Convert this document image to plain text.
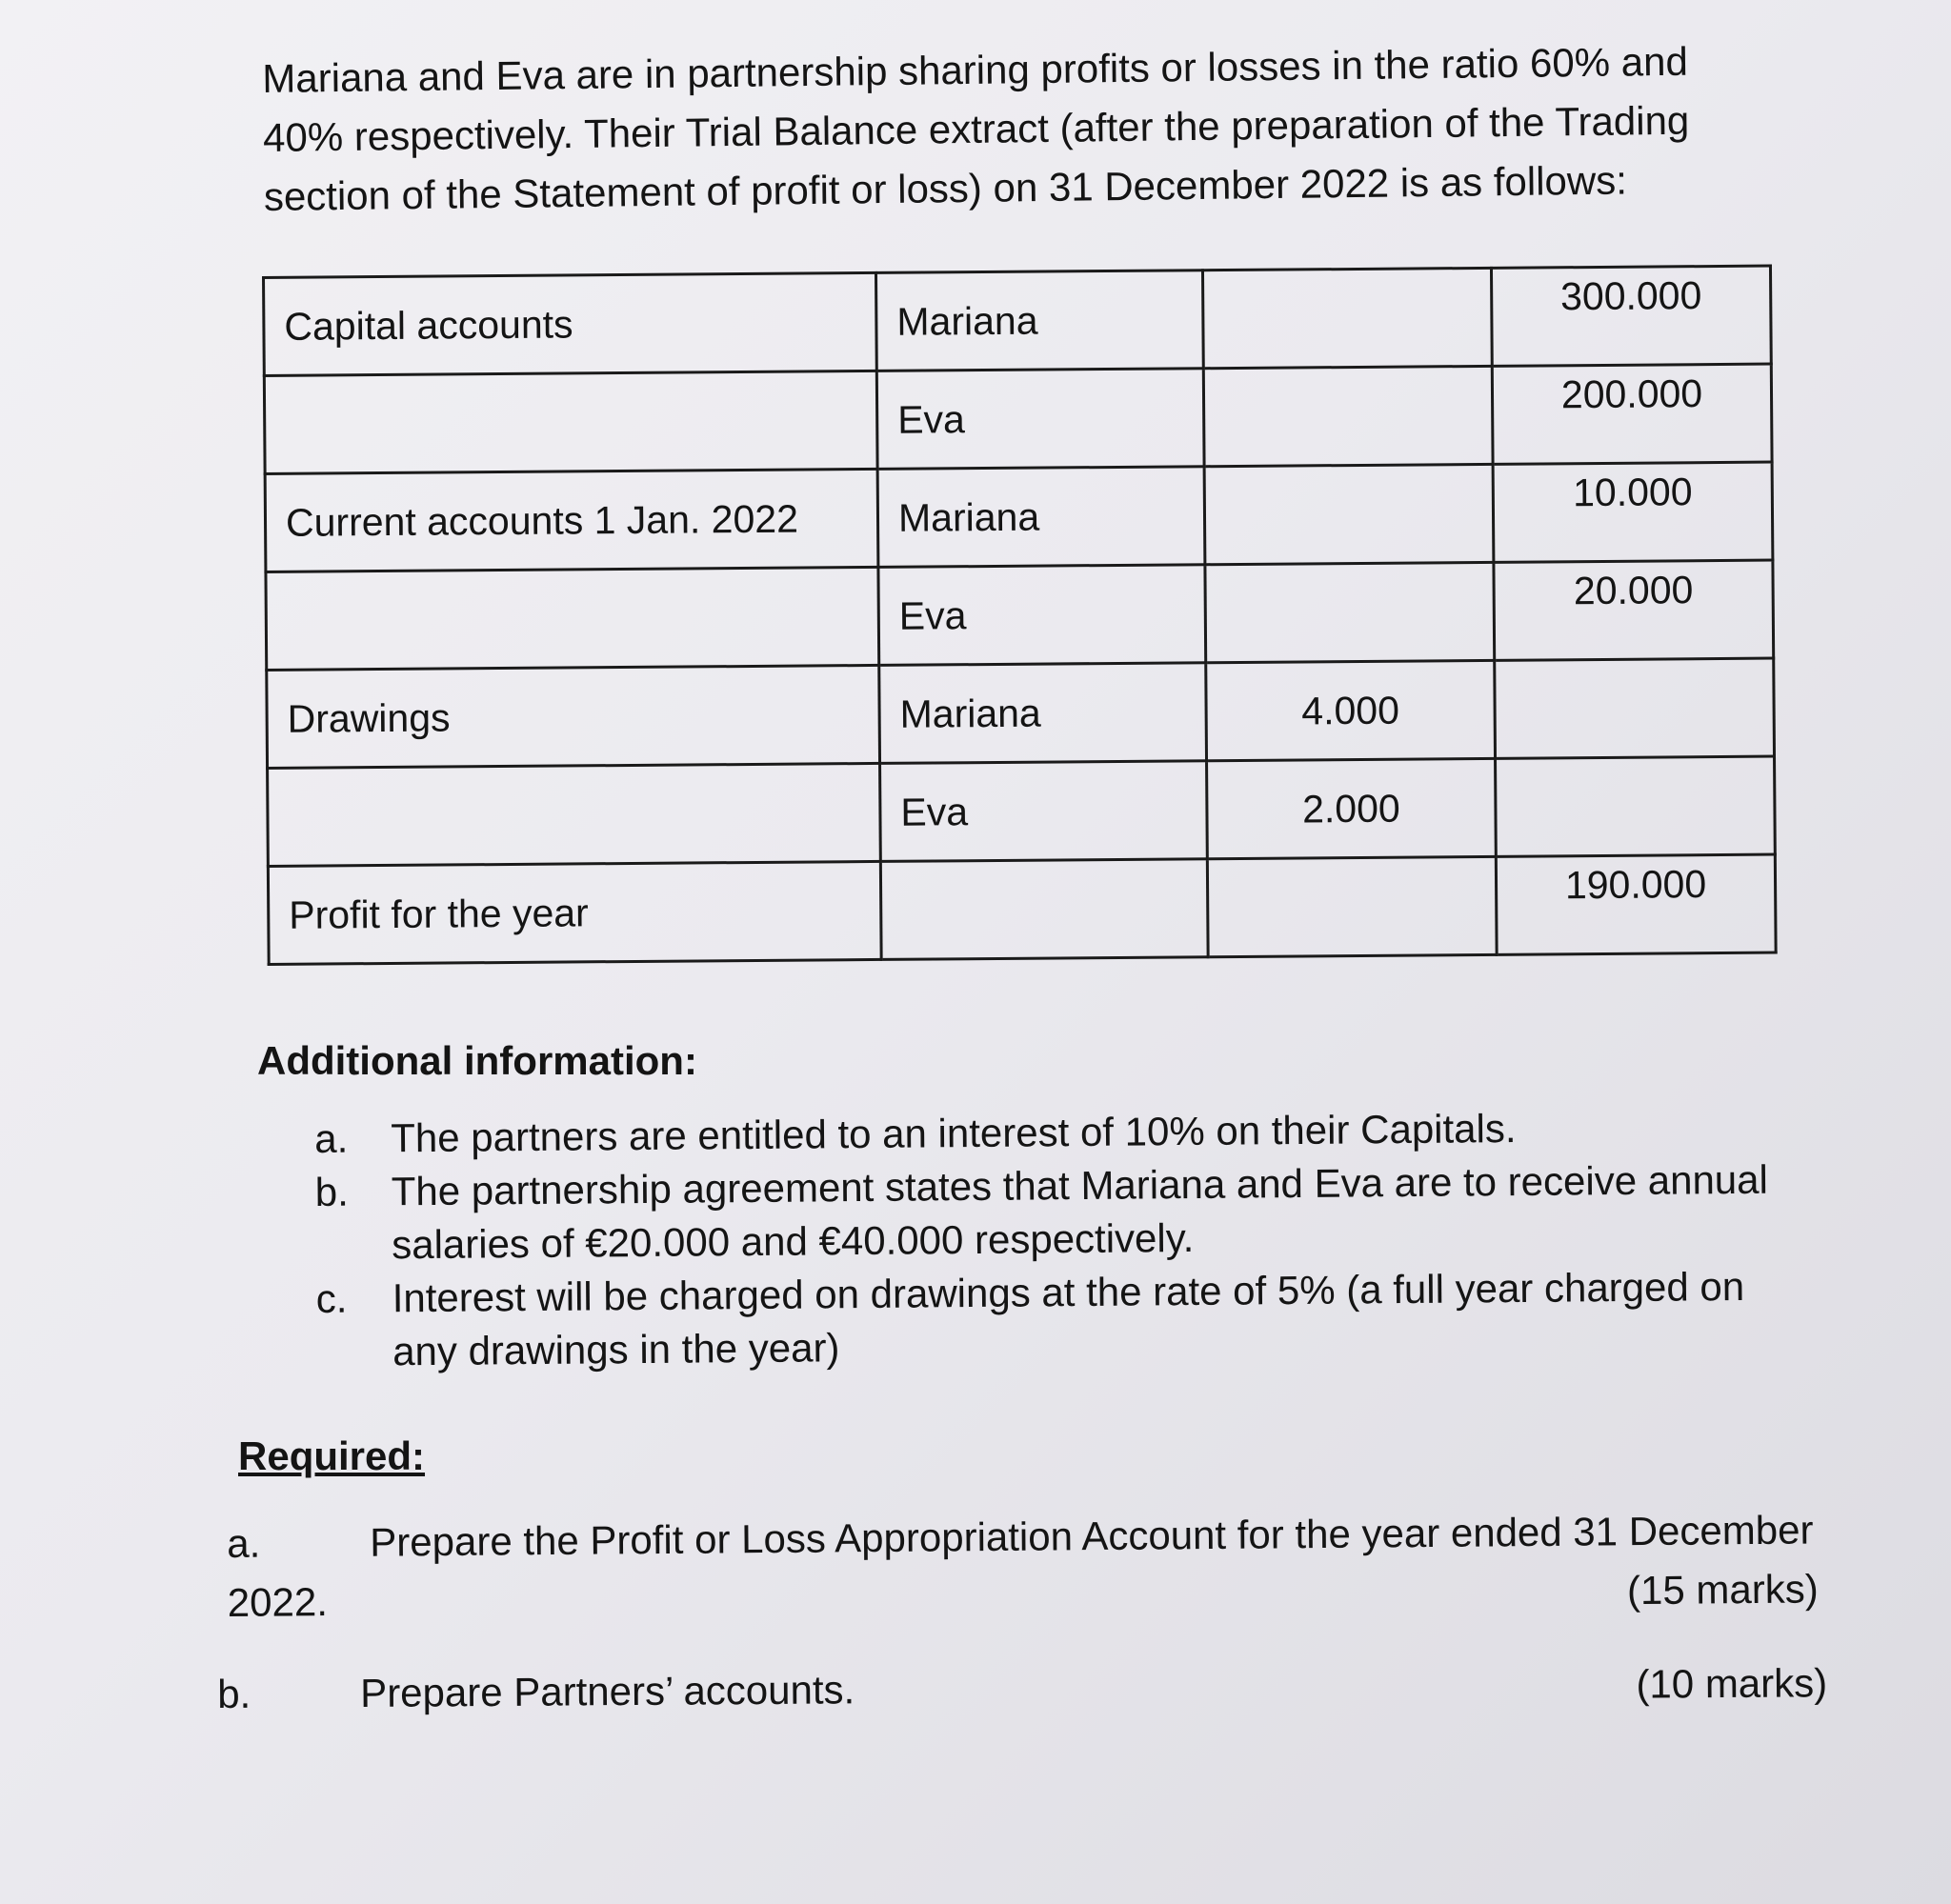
Mariana and Eva are in partnership sharing profits or losses in the ratio 60% and 40% respectively. Their Trial Balance extract (after the preparation of the Trading section of the Statement of profit or loss) on 31 December 2022 is as follows:

Capital accounts	Mariana		300.000
	Eva		200.000
Current accounts 1 Jan. 2022	Mariana		10.000
	Eva		20.000
Drawings	Mariana	4.000	
	Eva	2.000	
Profit for the year			190.000

Additional information:

a. The partners are entitled to an interest of 10% on their Capitals.
b. The partnership agreement states that Mariana and Eva are to receive annual salaries of €20.000 and €40.000 respectively.
c. Interest will be charged on drawings at the rate of 5% (a full year charged on any drawings in the year)

Required:

a.	Prepare the Profit or Loss Appropriation Account for the year ended 31 December 2022.	(15 marks)
b.	Prepare Partners’ accounts.	(10 marks)
